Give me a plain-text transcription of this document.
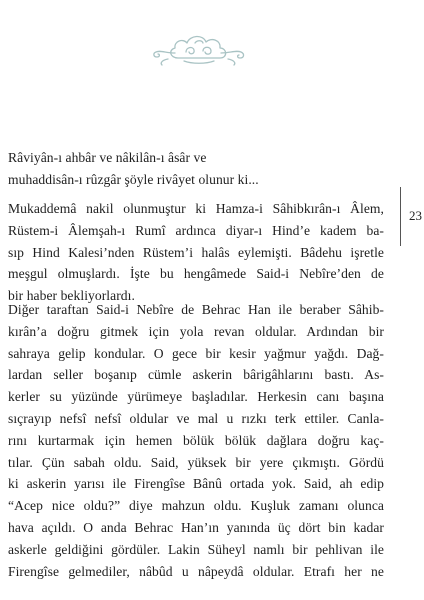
Râviyân-ı ahbâr ve nâkilân-ı âsâr ve
muhaddisân-ı rûzgâr şöyle rivâyet olunur ki...
Mukaddemâ nakil olunmuştur ki Hamza-i Sâhibkırân-ı Âlem,
Rüstem-i Âlemşah-ı Rumî ardınca diyar-ı Hind’e kadem ba-
sıp Hind Kalesi’nden Rüstem’i halâs eylemişti. Bâdehu işretle
meşgul olmuşlardı. İşte bu hengâmede Said-i Nebîre’den de
bir haber bekliyorlardı.
Diğer taraftan Said-i Nebîre de Behrac Han ile beraber Sâhib-
kırân’a doğru gitmek için yola revan oldular. Ardından bir
sahraya gelip kondular. O gece bir kesir yağmur yağdı. Dağ-
lardan seller boşanıp cümle askerin bârigâhlarını bastı. As-
kerler su yüzünde yürümeye başladılar. Herkesin canı başına
sıçrayıp nefsî nefsî oldular ve mal u rızkı terk ettiler. Canla-
rını kurtarmak için hemen bölük bölük dağlara doğru kaç-
tılar. Çün sabah oldu. Said, yüksek bir yere çıkmıştı. Gördü
ki askerin yarısı ile Firengîse Bânû ortada yok. Said, ah edip
“Acep nice oldu?” diye mahzun oldu. Kuşluk zamanı olunca
hava açıldı. O anda Behrac Han’ın yanında üç dört bin kadar
askerle geldiğini gördüler. Lakin Süheyl namlı bir pehlivan ile
Firengîse gelmediler, nâbûd u nâpeydâ oldular. Etrafı her ne
23
